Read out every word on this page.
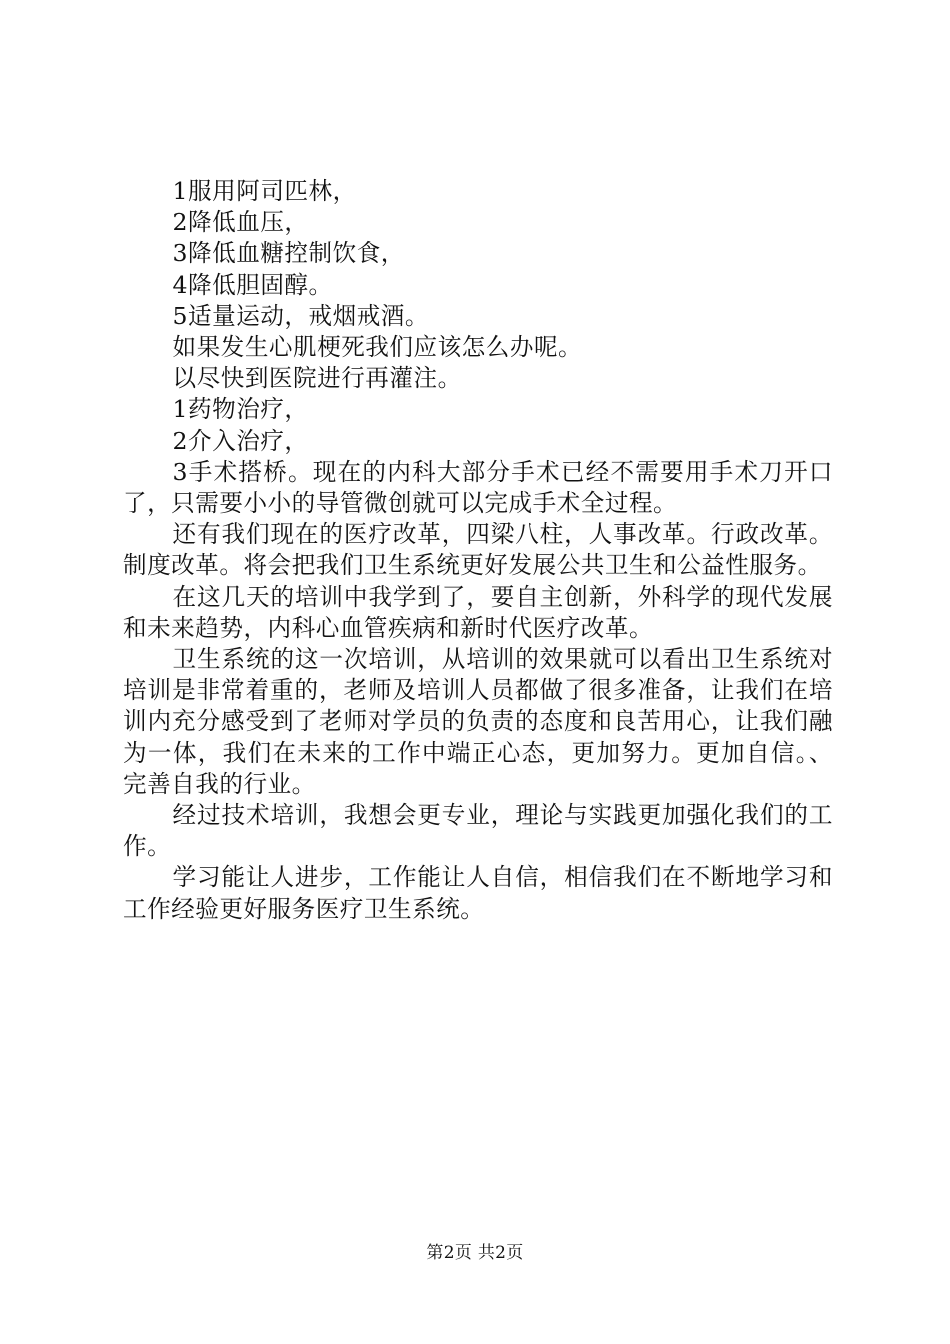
1服用阿司匹林，

2降低血压，

3降低血糖控制饮食，

4降低胆固醇。

5适量运动，戒烟戒酒。

如果发生心肌梗死我们应该怎么办呢。

以尽快到医院进行再灌注。

1药物治疗，

2介入治疗，

3手术搭桥。现在的内科大部分手术已经不需要用手术刀开口了，只需要小小的导管微创就可以完成手术全过程。

还有我们现在的医疗改革，四梁八柱，人事改革。行政改革。制度改革。将会把我们卫生系统更好发展公共卫生和公益性服务。

在这几天的培训中我学到了，要自主创新，外科学的现代发展和未来趋势，内科心血管疾病和新时代医疗改革。

卫生系统的这一次培训，从培训的效果就可以看出卫生系统对培训是非常着重的，老师及培训人员都做了很多准备，让我们在培训内充分感受到了老师对学员的负责的态度和良苦用心，让我们融为一体，我们在未来的工作中端正心态，更加努力。更加自信。、完善自我的行业。

经过技术培训，我想会更专业，理论与实践更加强化我们的工作。

学习能让人进步，工作能让人自信，相信我们在不断地学习和工作经验更好服务医疗卫生系统。

第2页 共2页
